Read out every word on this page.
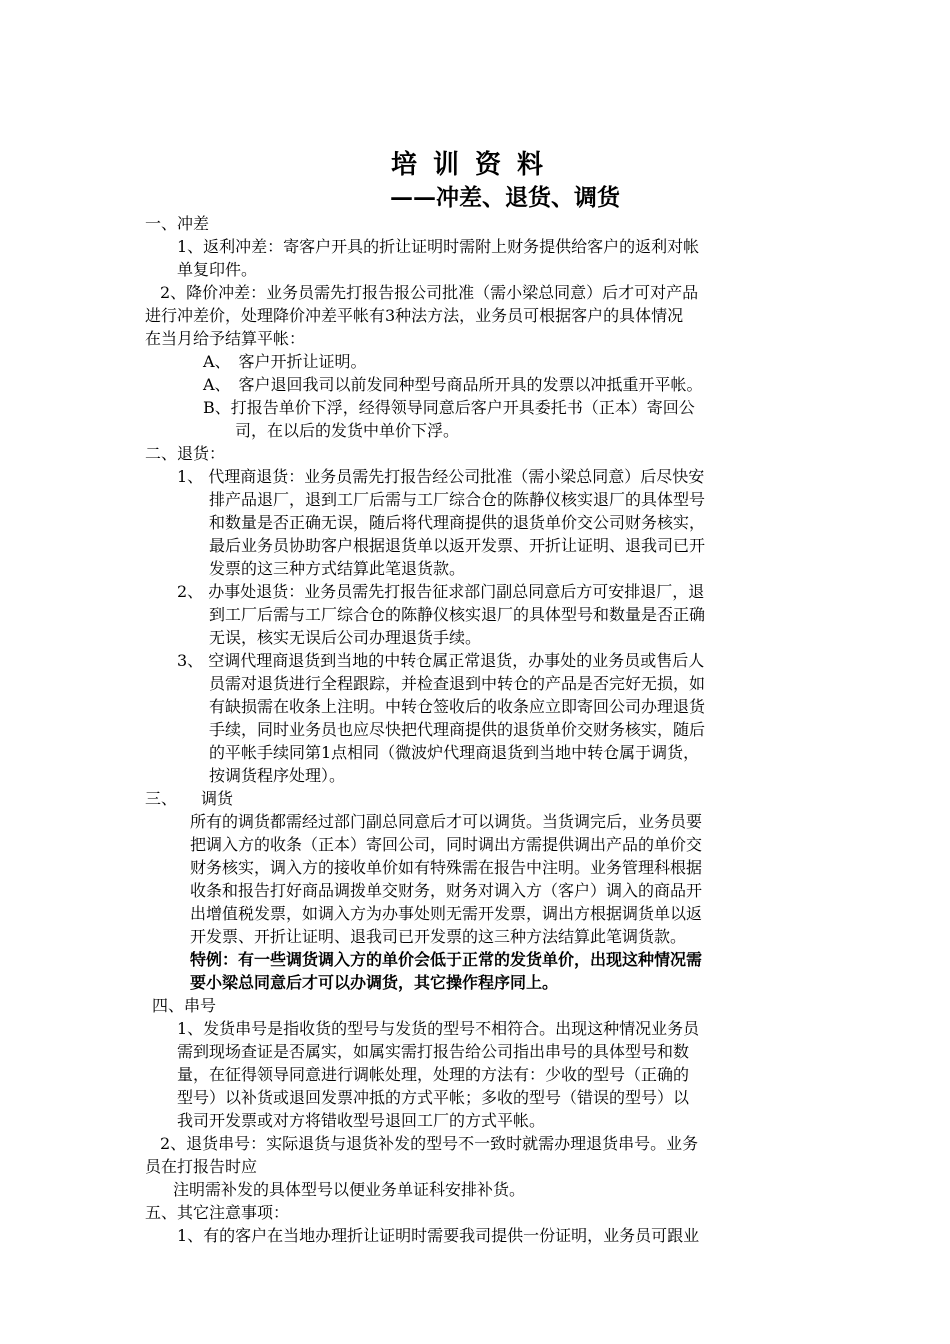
培训资料
——冲差、退货、调货
一、冲差
1、返利冲差：寄客户开具的折让证明时需附上财务提供给客户的返利对帐
单复印件。
2、降价冲差：业务员需先打报告报公司批准（需小梁总同意）后才可对产品
进行冲差价，处理降价冲差平帐有3种法方法，业务员可根据客户的具体情况
在当月给予结算平帐：
A、　客户开折让证明。
A、　客户退回我司以前发同种型号商品所开具的发票以冲抵重开平帐。
B、打报告单价下浮，经得领导同意后客户开具委托书（正本）寄回公
司，在以后的发货中单价下浮。
二、退货：
1、 代理商退货：业务员需先打报告经公司批准（需小梁总同意）后尽快安
排产品退厂，退到工厂后需与工厂综合仓的陈静仪核实退厂的具体型号
和数量是否正确无误，随后将代理商提供的退货单价交公司财务核实，
最后业务员协助客户根据退货单以返开发票、开折让证明、退我司已开
发票的这三种方式结算此笔退货款。
2、 办事处退货：业务员需先打报告征求部门副总同意后方可安排退厂，退
到工厂后需与工厂综合仓的陈静仪核实退厂的具体型号和数量是否正确
无误，核实无误后公司办理退货手续。
3、 空调代理商退货到当地的中转仓属正常退货，办事处的业务员或售后人
员需对退货进行全程跟踪，并检查退到中转仓的产品是否完好无损，如
有缺损需在收条上注明。中转仓签收后的收条应立即寄回公司办理退货
手续，同时业务员也应尽快把代理商提供的退货单价交财务核实，随后
的平帐手续同第1点相同（微波炉代理商退货到当地中转仓属于调货，
按调货程序处理）。
三、　　调货
所有的调货都需经过部门副总同意后才可以调货。当货调完后，业务员要
把调入方的收条（正本）寄回公司，同时调出方需提供调出产品的单价交
财务核实，调入方的接收单价如有特殊需在报告中注明。业务管理科根据
收条和报告打好商品调拨单交财务，财务对调入方（客户）调入的商品开
出增值税发票，如调入方为办事处则无需开发票，调出方根据调货单以返
开发票、开折让证明、退我司已开发票的这三种方法结算此笔调货款。
特例：有一些调货调入方的单价会低于正常的发货单价，出现这种情况需
要小梁总同意后才可以办调货，其它操作程序同上。
四、串号
1、发货串号是指收货的型号与发货的型号不相符合。出现这种情况业务员
需到现场查证是否属实，如属实需打报告给公司指出串号的具体型号和数
量，在征得领导同意进行调帐处理，处理的方法有：少收的型号（正确的
型号）以补货或退回发票冲抵的方式平帐；多收的型号（错误的型号）以
我司开发票或对方将错收型号退回工厂的方式平帐。
2、退货串号：实际退货与退货补发的型号不一致时就需办理退货串号。业务
员在打报告时应
注明需补发的具体型号以便业务单证科安排补货。
五、其它注意事项：
1、有的客户在当地办理折让证明时需要我司提供一份证明，业务员可跟业
